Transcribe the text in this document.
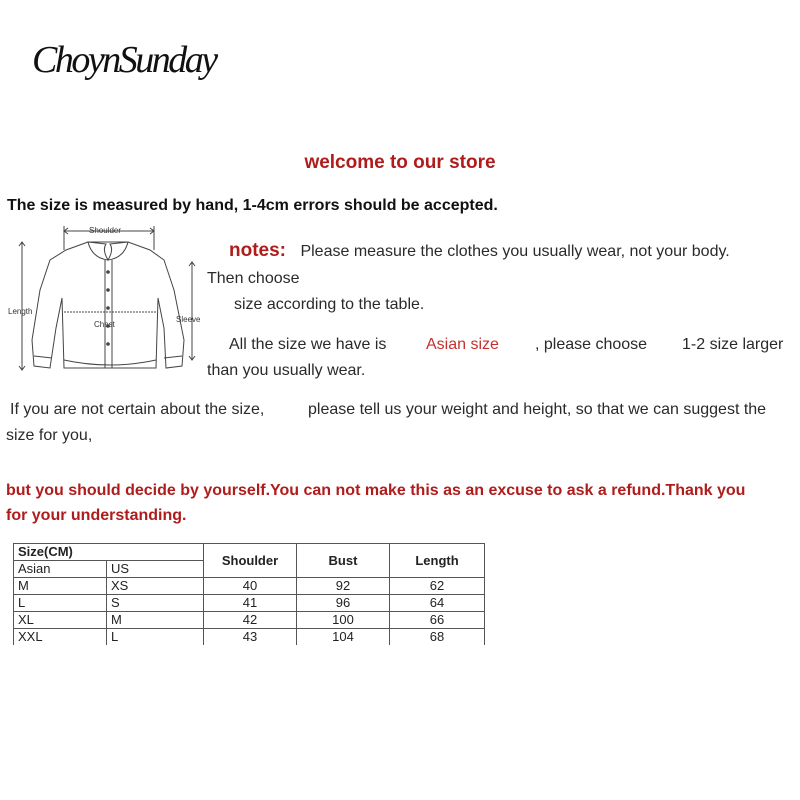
ChoynSunday
welcome to our store
The size is measured by hand, 1-4cm errors should be accepted.
Shoulder
Length
Chest
Sleeve
notes: Please measure the clothes you usually wear, not your body.
Then choose
size according to the table.
All the size we have is Asian size , please choose 1-2 size larger
than you usually wear.
If you are not certain about the size,	please tell us your weight and height, so that we can suggest the
size for you,
but you should decide by yourself.You can not make this as an excuse to ask a refund.Thank you
for your understanding.
Size(CM)		Shoulder	Bust	Length
Asian	US			
M	XS	40	92	62
L	S	41	96	64
XL	M	42	100	66
XXL	L	43	104	68
